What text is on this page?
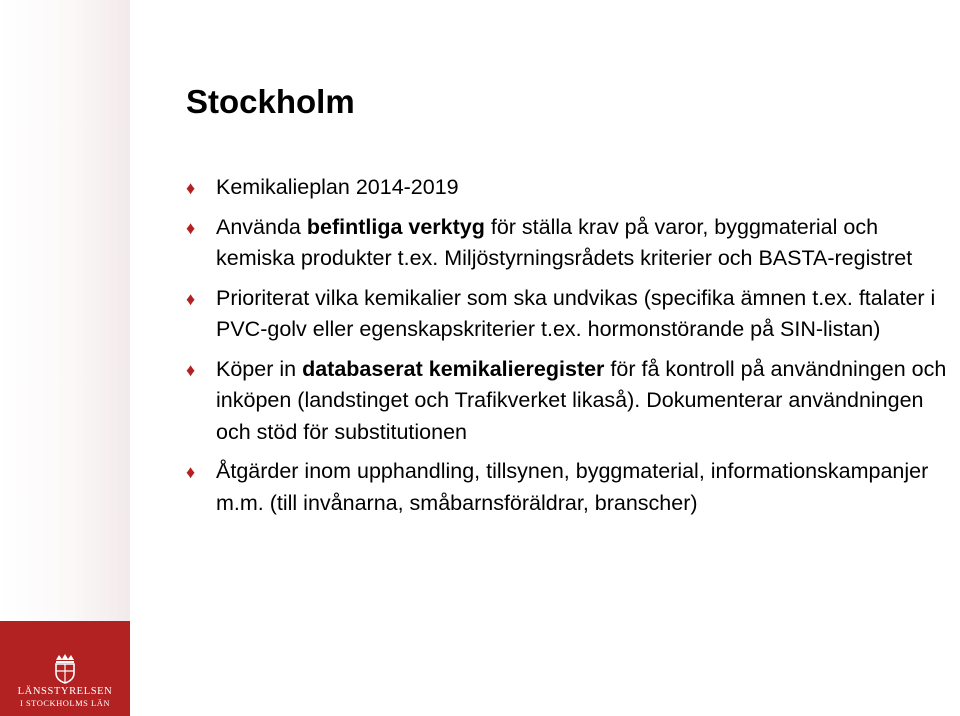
LÄNSSTYRELSEN
I STOCKHOLMS LÄN
Stockholm
♦ Kemikalieplan 2014-2019
♦ Använda befintliga verktyg för ställa krav på varor, byggmaterial och kemiska produkter t.ex. Miljöstyrningsrådets kriterier och BASTA-registret
♦ Prioriterat vilka kemikalier som ska undvikas (specifika ämnen t.ex. ftalater i PVC-golv eller egenskapskriterier t.ex. hormonstörande på SIN-listan)
♦ Köper in databaserat kemikalieregister för få kontroll på användningen och inköpen (landstinget och Trafikverket likaså). Dokumenterar användningen och stöd för substitutionen
♦ Åtgärder inom upphandling, tillsynen, byggmaterial, informationskampanjer m.m. (till invånarna, småbarnsföräldrar, branscher)
